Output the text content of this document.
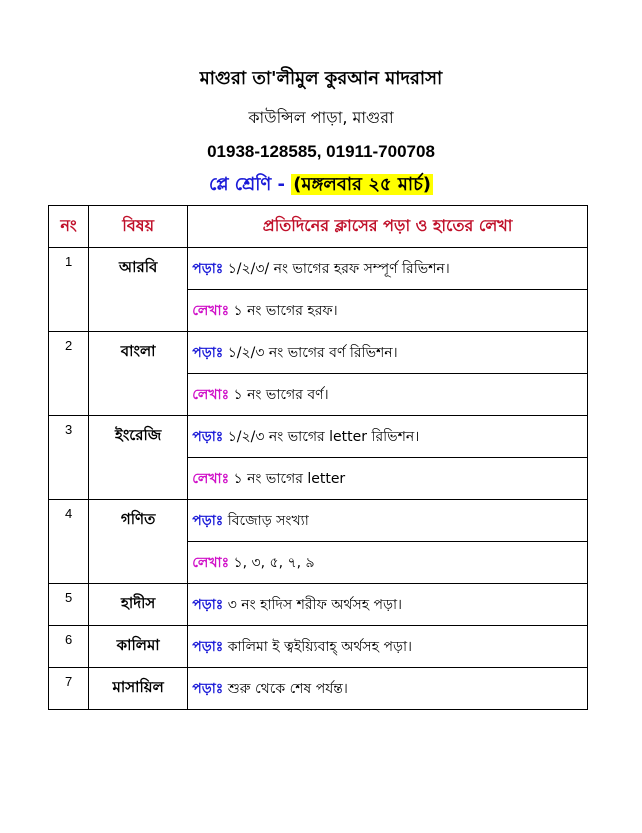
মাগুরা তা'লীমুল কুরআন মাদরাসা
কাউন্সিল পাড়া, মাগুরা
01938-128585, 01911-700708
প্লে শ্রেণি - (মঙ্গলবার ২৫ মার্চ)
নং	বিষয়	প্রতিদিনের ক্লাসের পড়া ও হাতের লেখা
1	আরবি	পড়াঃ ১/২/৩/ নং ভাগের হরফ সম্পূর্ণ রিভিশন।
		লেখাঃ ১ নং ভাগের হরফ।
2	বাংলা	পড়াঃ ১/২/৩ নং ভাগের বর্ণ রিভিশন।
		লেখাঃ ১ নং ভাগের বর্ণ।
3	ইংরেজি	পড়াঃ ১/২/৩ নং ভাগের letter রিভিশন।
		লেখাঃ ১ নং ভাগের letter
4	গণিত	পড়াঃ বিজোড় সংখ্যা
		লেখাঃ ১, ৩, ৫, ৭, ৯
5	হাদীস	পড়াঃ ৩ নং হাদিস শরীফ অর্থসহ পড়া।
6	কালিমা	পড়াঃ কালিমা ই ত্বইয়্যিবাহ্ অর্থসহ পড়া।
7	মাসায়িল	পড়াঃ শুরু থেকে শেষ পর্যন্ত।
